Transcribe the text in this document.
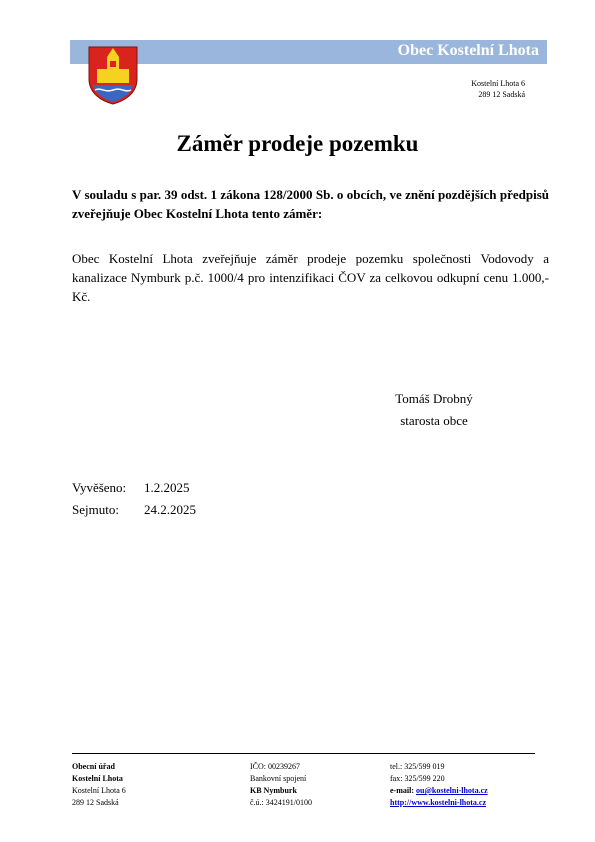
Obec Kostelní Lhota
Kostelní Lhota 6
289 12 Sadská
Záměr prodeje pozemku
V souladu s par. 39 odst. 1 zákona 128/2000 Sb. o obcích, ve znění pozdějších předpisů zveřejňuje Obec Kostelní Lhota tento záměr:
Obec Kostelní Lhota zveřejňuje záměr prodeje pozemku společnosti Vodovody a kanalizace Nymburk p.č. 1000/4 pro intenzifikaci ČOV za celkovou odkupní cenu 1.000,-Kč.
Tomáš Drobný
starosta obce
Vyvěšeno:	1.2.2025
Sejmuto:	24.2.2025
Obecní úřad
Kostelní Lhota
Kostelní Lhota 6
289 12 Sadská
IČO: 00239267
Bankovní spojení
KB Nymburk
č.ú.: 3424191/0100
tel.: 325/599 019
fax: 325/599 220
e-mail: ou@kostelni-lhota.cz
http://www.kostelni-lhota.cz
